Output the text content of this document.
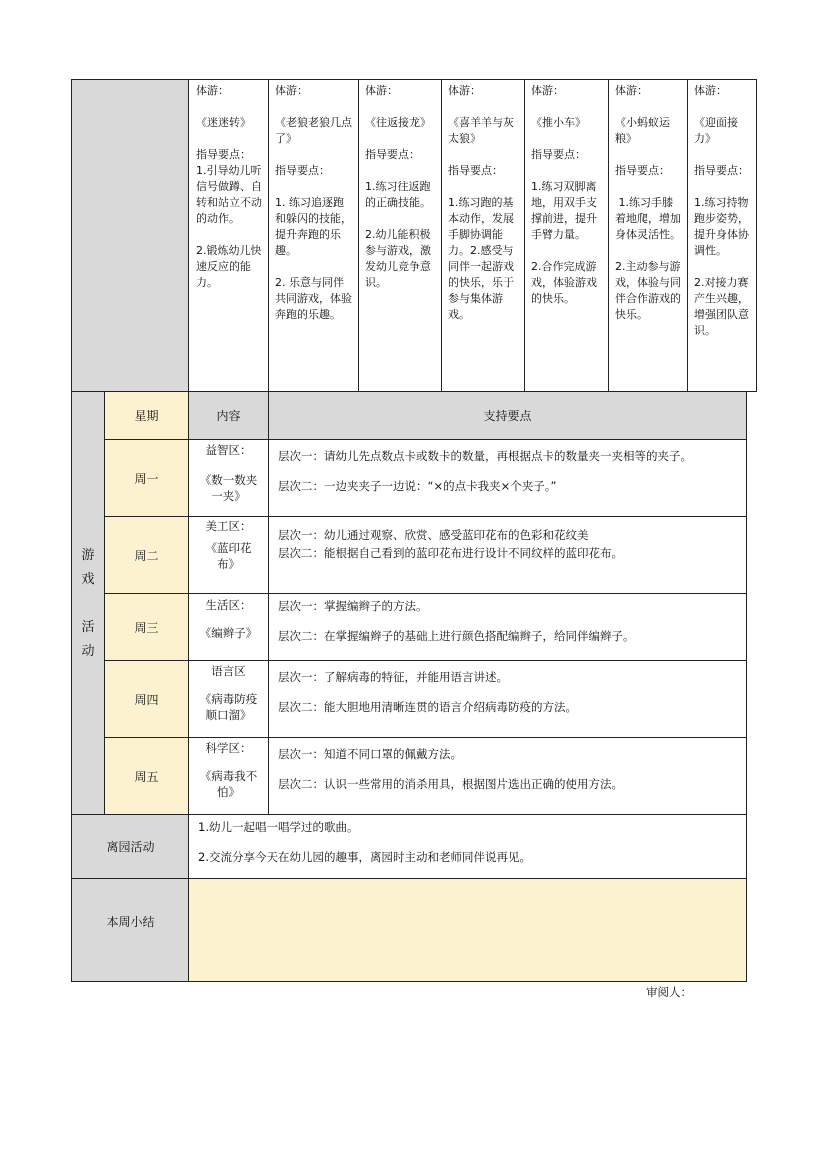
体游：

《迷迷转》

指导要点：
1.引导幼儿听信号做蹲、自转和站立不动的动作。

2.锻炼幼儿快速反应的能力。
体游：

《老狼老狼几点了》

指导要点：

1. 练习追逐跑和躲闪的技能，提升奔跑的乐趣。

2. 乐意与同伴共同游戏，体验奔跑的乐趣。
体游：

《往返接龙》

指导要点：

1.练习往返跑的正确技能。

2.幼儿能积极参与游戏，激发幼儿竞争意识。
体游：

《喜羊羊与灰太狼》

指导要点：

1.练习跑的基本动作，发展手脚协调能力。2.感受与同伴一起游戏的快乐，乐于参与集体游戏。
体游：

《推小车》

指导要点：

1.练习双脚离地，用双手支撑前进，提升手臂力量。

2.合作完成游戏，体验游戏的快乐。
体游：

《小蚂蚁运粮》

指导要点：

1.练习手膝着地爬，增加身体灵活性。

2.主动参与游戏，体验与同伴合作游戏的快乐。
体游：

《迎面接力》

指导要点：

1.练习持物跑步姿势，提升身体协调性。

2.对接力赛产生兴趣，增强团队意识。
游
戏

活
动
星期	内容	支持要点
周一
周二
周三
周四
周五
益智区：
《数一数夹
一夹》
美工区：
《蓝印花
布》
生活区：
《编辫子》
语言区
《病毒防疫
顺口溜》
科学区：
《病毒我不
怕》
层次一：请幼儿先点数点卡或数卡的数量，再根据点卡的数量夹一夹相等的夹子。
层次二：一边夹夹子一边说：“×的点卡我夹×个夹子。”
层次一：幼儿通过观察、欣赏、感受蓝印花布的色彩和花纹美
层次二：能根据自己看到的蓝印花布进行设计不同纹样的蓝印花布。
层次一：掌握编辫子的方法。
层次二：在掌握编辫子的基础上进行颜色搭配编辫子，给同伴编辫子。
层次一：了解病毒的特征，并能用语言讲述。
层次二：能大胆地用清晰连贯的语言介绍病毒防疫的方法。
层次一：知道不同口罩的佩戴方法。
层次二：认识一些常用的消杀用具，根据图片选出正确的使用方法。
离园活动
1.幼儿一起唱一唱学过的歌曲。
2.交流分享今天在幼儿园的趣事，离园时主动和老师同伴说再见。
本周小结
审阅人：
